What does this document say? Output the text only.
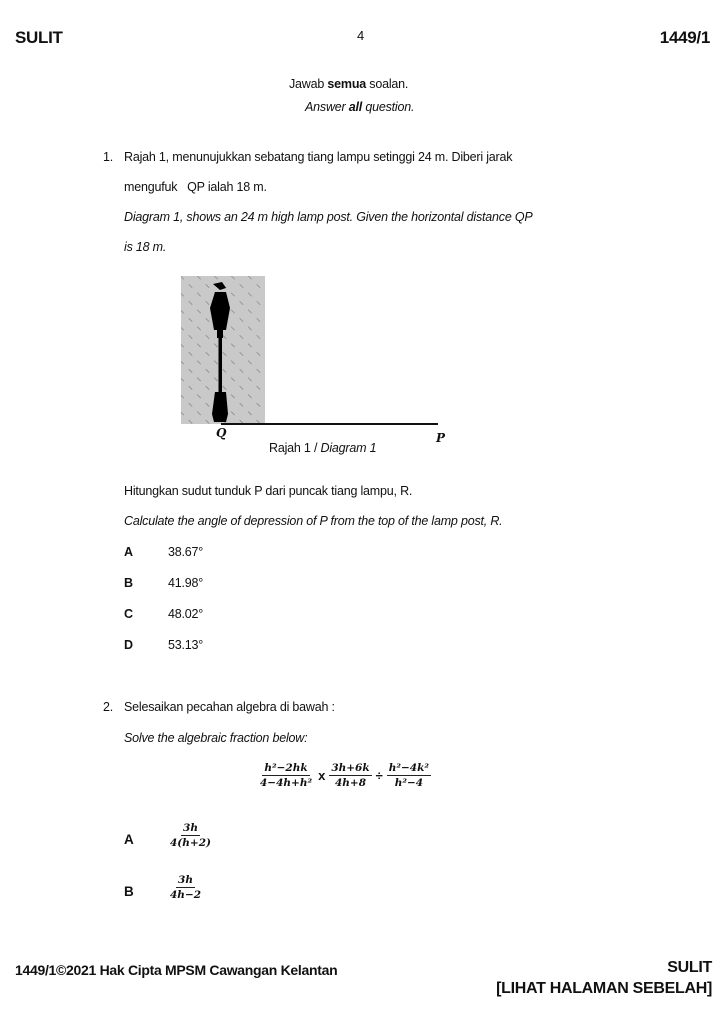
SULIT	4	1449/1
Jawab semua soalan.
Answer all question.
1. Rajah 1, menunujukkan sebatang tiang lampu setinggi 24 m. Diberi jarak
mengufuk   QP ialah 18 m.
Diagram 1, shows an 24 m high lamp post. Given the horizontal distance QP
is 18 m.
Q	P
Rajah 1 / Diagram 1
Hitungkan sudut tunduk P dari puncak tiang lampu, R.
Calculate the angle of depression of P from the top of the lamp post, R.
A	38.67°
B	41.98°
C	48.02°
D	53.13°
2. Selesaikan pecahan algebra di bawah :
Solve the algebraic fraction below:
$\frac{\text{h²−2hk}}{\text{4−4h+h²}}$ x $\frac{3h+6k}{4h+8} \div \frac{\text{h²−4k²}}{\text{h²−4}}$
A	$\frac{3h}{4(h+2)}$
B	$\frac{3h}{4h-2}$
1449/1©2021 Hak Cipta MPSM Cawangan Kelantan	SULIT
[LIHAT HALAMAN SEBELAH]
